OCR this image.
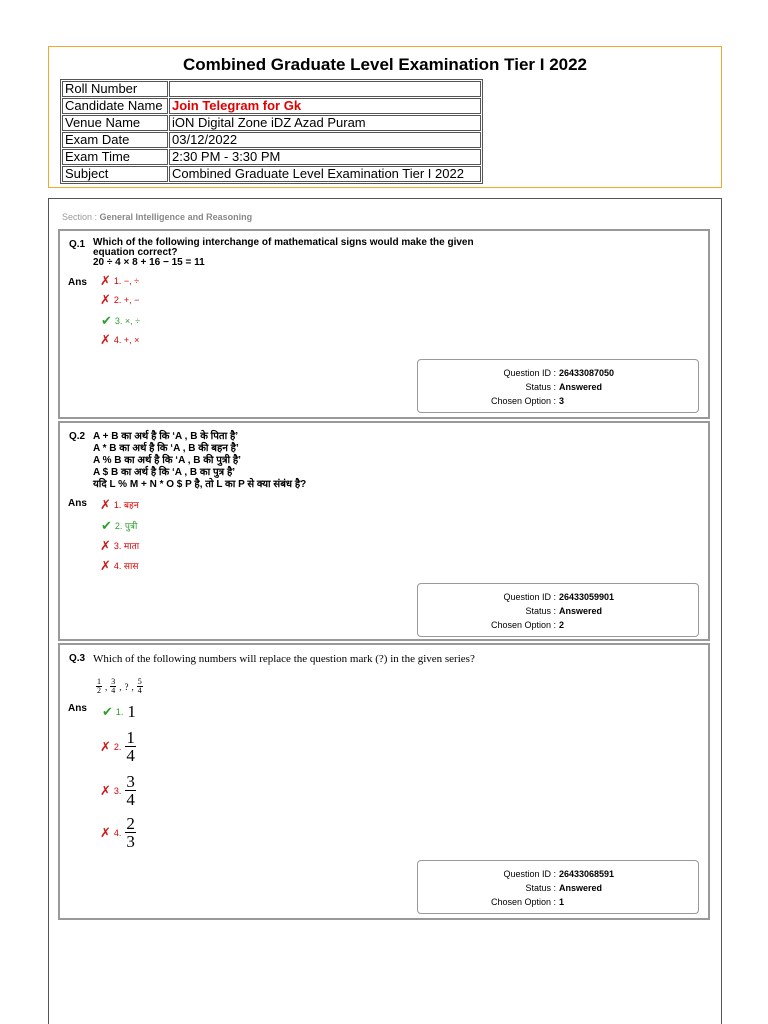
Combined Graduate Level Examination Tier I 2022
Roll Number	
Candidate Name	Join Telegram for Gk
Venue Name	iON Digital Zone iDZ Azad Puram
Exam Date	03/12/2022
Exam Time	2:30 PM - 3:30 PM
Subject	Combined Graduate Level Examination Tier I 2022
Section : General Intelligence and Reasoning
Q.1 Which of the following interchange of mathematical signs would make the given
equation correct?
20 ÷ 4 × 8 + 16 − 15 = 11
Ans ✗ 1. −, ÷
✗ 2. +, −
✔ 3. ×, ÷
✗ 4. +, ×
Question ID : 26433087050
Status : Answered
Chosen Option : 3
Q.2 A + B का अर्थ है कि ‘A , B के पिता है’
A * B का अर्थ है कि ‘A , B की बहन है’
A % B का अर्थ है कि ‘A , B की पुत्री है’
A $ B का अर्थ है कि ‘A , B का पुत्र है’
यदि L % M + N * O $ P है, तो L का P से क्या संबंध है?
Ans ✗ 1. बहन
✔ 2. पुत्री
✗ 3. माता
✗ 4. सास
Question ID : 26433059901
Status : Answered
Chosen Option : 2
Q.3 Which of the following numbers will replace the question mark (?) in the given series?
$\frac{1}{2}$ , $\frac{3}{4}$ , ? , $\frac{5}{4}$
Ans ✔ 1. 1
✗ 2. $\frac{1}{4}$
✗ 3. $\frac{3}{4}$
✗ 4. $\frac{2}{3}$
Question ID : 26433068591
Status : Answered
Chosen Option : 1
